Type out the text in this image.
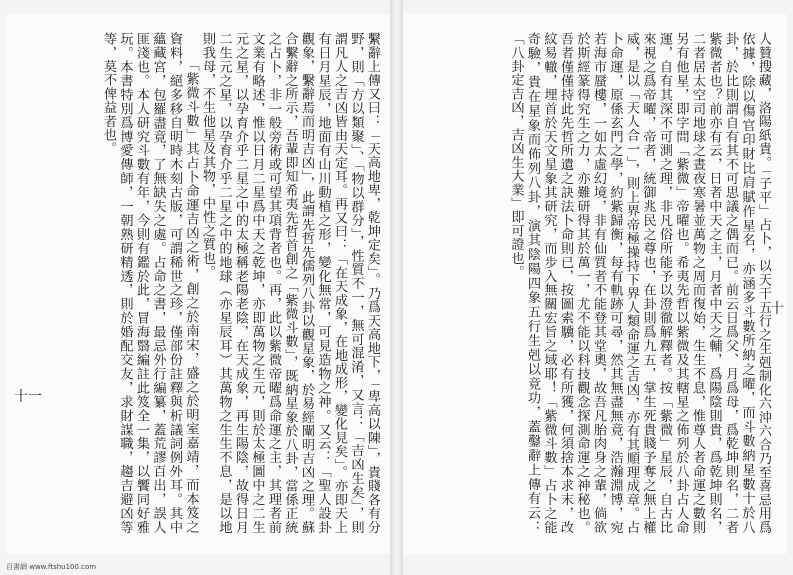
繫辭上傳又曰：「天高地卑，乾坤定矣」。乃爲天高地下，「卑高以陳」，貴賤各有分野，則「方以類聚」、「物以群分」，性質不一，無可混淆，又言：「吉凶生矣」，則謂凡人之吉凶皆由天定耳。再又曰：「在天成象，在地成形，變化見矣」。亦即天上有日月星辰，地面有山川動植之形，變化無常，可見造物之神。又云：「聖人設卦觀象，繫辭焉而明吉凶」，此謂先哲先儒列八卦以觀星象，於易經闡明吉凶之理。蘇合繫辭之所示，吾輩即知希夷先哲首創之「紫微斗數」，既納星象於八卦，當係正統之占卜，非一般旁術或可望其項背者也。再，此以紫微帝曜爲命運之主，其理者前文業有略述，惟以日月二星爲中天之乾坤，亦即萬物之生元，則於太極圖中之二生元之星，以孕育介乎二星之中的太極稱老陽老陰，在天成象，再生陽陰，故得日月二生元之星，以孕育介乎二星之中的地球（亦星辰耳）其萬物之生生不息，是以地則我母，不生他星及其物，中性之質也。

「紫微斗數」其占卜命運吉凶之術，創之於南宋，盛之於明室嘉靖，而本笈之資料，絕多移自明時木刻古版，可謂稀世之珍，僅部份註釋與析議詞例外耳。其中蘊藏宮，包羅盡竟，了無缺失之處。占命之書，最忌外行編纂，蓋荒謬百出，誤人匪淺也。本人研究斗數有年，今則有鑑於此，冒海翳編註此笈全一集，以饗同好雅玩。本書特別爲博愛傳師，一朝熟研精透，則於婚配交友，求財謀職，趨吉避凶等等，莫不俾益者也。	人贊搜藏，洛陽紙貴。「子平」占卜，以天干五行之生剋制化六沖六合乃至喜忌用爲依據，除以傷官印財比肩賦作星名，亦涵多斗數所納之曜，而斗數納星數十於八卦，於比則謂自有其不可思議之偶而已。前云日爲父、月爲母，爲乾坤則名，二者紫微者也？前亦有云，日者中天之主，月者中天之輔，爲陽陰則貴，爲乾坤則名，二者居太空司地球之晝夜寒暑並萬物之周而復始，生生不息，惟尊人者命運之數則另有他星，即字問「紫微」帝曜也。希夷先哲以紫微及其轄星之佈列於八卦占人命運，自有其深不可測之理，非凡俗所能予以澄徹解釋者。按「紫微」星辰，自古比來視之爲帝曜，帝者，統御兆民之尊也，在卦則爲九五，掌生死貴賤予奪之無上權威，是以「天人合一」，則上界帝極操持下界人類命運之吉凶，亦有其順理成章。占卜命運，原係玄門之學，約紫歸衡，每有軌跡可尋，然其無盡無竟，浩瀚淵博，宛若海市蜃樓，一如太虛幻境，非有仙質者不能登其堂奧，故吾凡胎肉身之輩，倘欲於斯經篆得究生之力，亦難研得其於萬一，尤不能以科技觀念探測命運之神秘也。吾者僅僅持此先哲所遺之訣法卜命則已，按圖索驥，必有所獲，何須捨本求末，改紋易轍，埋首於天文星象其研究，而步入無關宏旨之域耶！「紫微斗數」占卜之能奇驗，貴在星象而佈列八卦，演其陰陽四象五行生剋以竟功，蓋鑿辭上傳有云：「八卦定吉凶，吉凶生大業」即可證也。

十一
十
百書網 www.ftshu100.com
